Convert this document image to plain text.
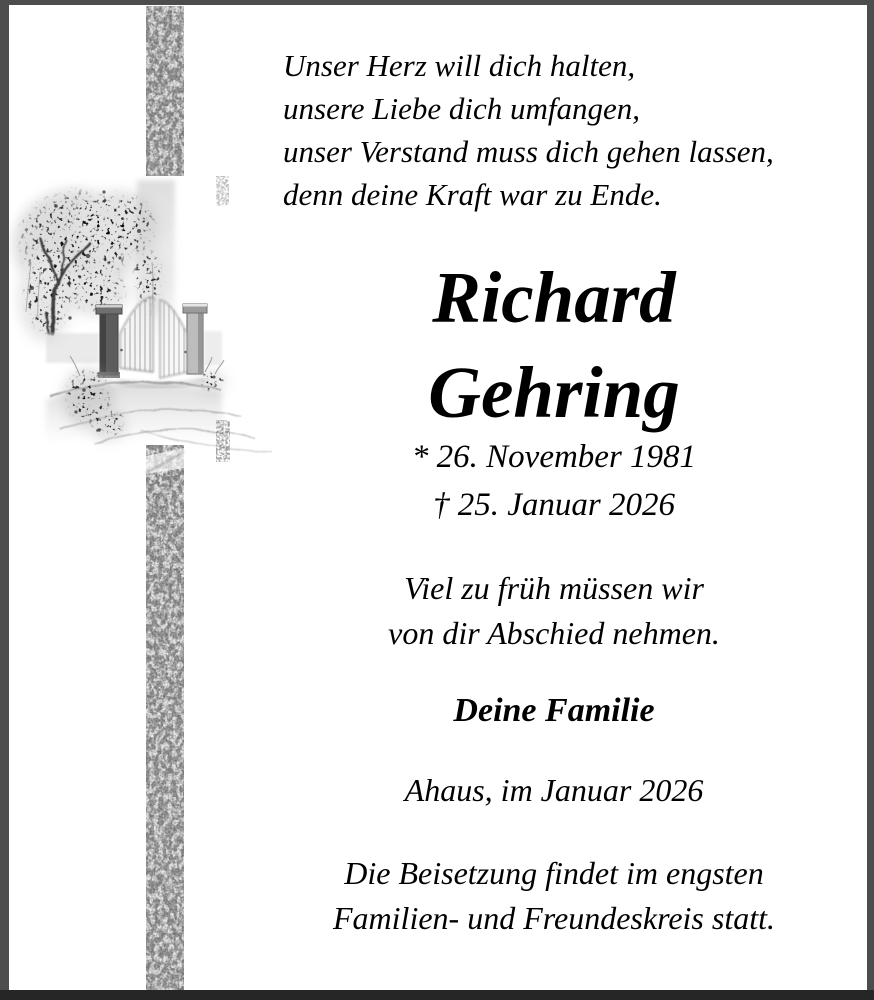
Unser Herz will dich halten,
unsere Liebe dich umfangen,
unser Verstand muss dich gehen lassen,
denn deine Kraft war zu Ende.
Richard
Gehring
* 26. November 1981
† 25. Januar 2026
Viel zu früh müssen wir
von dir Abschied nehmen.
Deine Familie
Ahaus, im Januar 2026
Die Beisetzung findet im engsten
Familien- und Freundeskreis statt.
